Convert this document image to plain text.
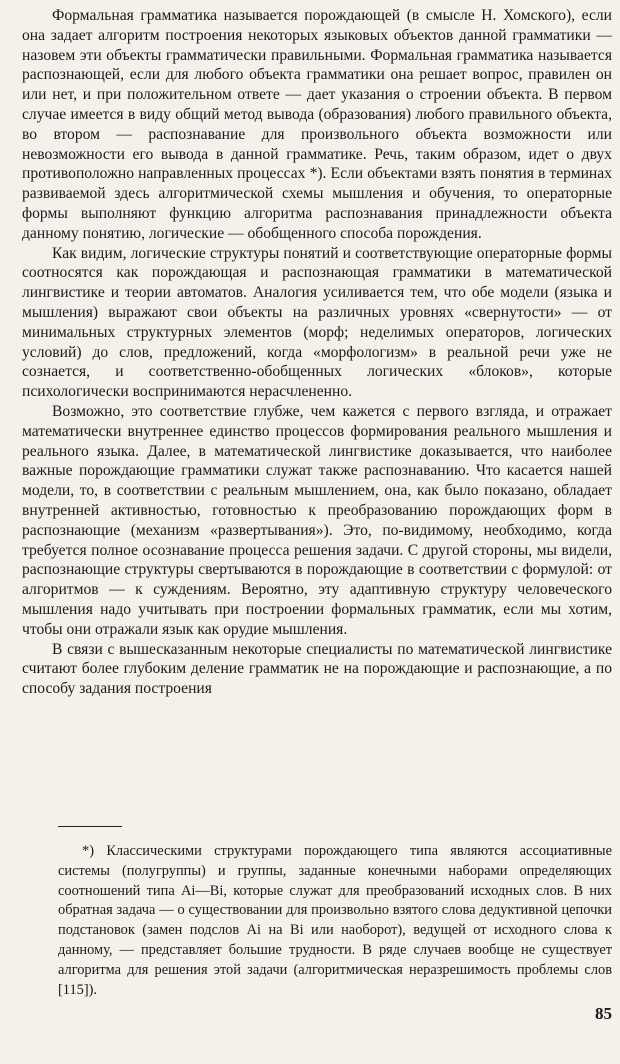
Формальная грамматика называется порождающей (в смысле Н. Хомского), если она задает алгоритм построения некоторых языковых объектов данной грамматики — назовем эти объекты грамматически правильными. Формальная грамматика называется распознающей, если для любого объекта грамматики она решает вопрос, правилен он или нет, и при положительном ответе — дает указания о строении объекта. В первом случае имеется в виду общий метод вывода (образования) любого правильного объекта, во втором — распознавание для произвольного объекта возможности или невозможности его вывода в данной грамматике. Речь, таким образом, идет о двух противоположно направленных процессах *). Если объектами взять понятия в терминах развиваемой здесь алгоритмической схемы мышления и обучения, то операторные формы выполняют функцию алгоритма распознавания принадлежности объекта данному понятию, логические — обобщенного способа порождения.

Как видим, логические структуры понятий и соответствующие операторные формы соотносятся как порождающая и распознающая грамматики в математической лингвистике и теории автоматов. Аналогия усиливается тем, что обе модели (языка и мышления) выражают свои объекты на различных уровнях «свернутости» — от минимальных структурных элементов (морф; неделимых операторов, логических условий) до слов, предложений, когда «морфологизм» в реальной речи уже не сознается, и соответственно-обобщенных логических «блоков», которые психологически воспринимаются нерасчлененно.

Возможно, это соответствие глубже, чем кажется с первого взгляда, и отражает математически внутреннее единство процессов формирования реального мышления и реального языка. Далее, в математической лингвистике доказывается, что наиболее важные порождающие грамматики служат также распознаванию. Что касается нашей модели, то, в соответствии с реальным мышлением, она, как было показано, обладает внутренней активностью, готовностью к преобразованию порождающих форм в распознающие (механизм «развертывания»). Это, по-видимому, необходимо, когда требуется полное осознавание процесса решения задачи. С другой стороны, мы видели, распознающие структуры свертываются в порождающие в соответствии с формулой: от алгоритмов — к суждениям. Вероятно, эту адаптивную структуру человеческого мышления надо учитывать при построении формальных грамматик, если мы хотим, чтобы они отражали язык как орудие мышления.

В связи с вышесказанным некоторые специалисты по математической лингвистике считают более глубоким деление грамматик не на порождающие и распознающие, а по способу задания построения

*) Классическими структурами порождающего типа являются ассоциативные системы (полугруппы) и группы, заданные конечными наборами определяющих соотношений типа Ai—Bi, которые служат для преобразований исходных слов. В них обратная задача — о существовании для произвольно взятого слова дедуктивной цепочки подстановок (замен подслов Ai на Bi или наоборот), ведущей от исходного слова к данному, — представляет большие трудности. В ряде случаев вообще не существует алгоритма для решения этой задачи (алгоритмическая неразрешимость проблемы слов [115]).

85
